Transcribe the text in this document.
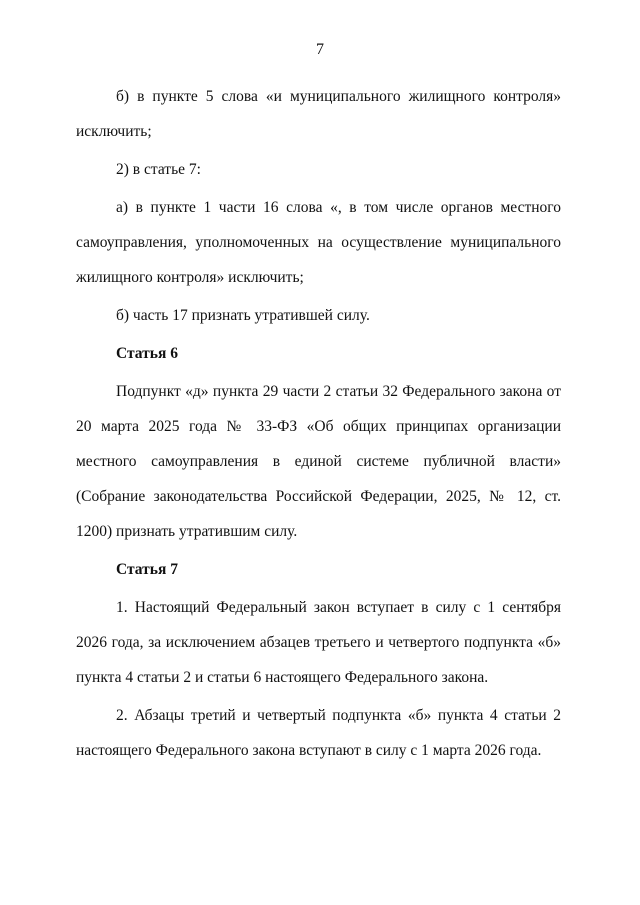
7

б) в пункте 5 слова «и муниципального жилищного контроля» исключить;

2) в статье 7:

а) в пункте 1 части 16 слова «, в том числе органов местного самоуправления, уполномоченных на осуществление муниципального жилищного контроля» исключить;

б) часть 17 признать утратившей силу.

Статья 6

Подпункт «д» пункта 29 части 2 статьи 32 Федерального закона от 20 марта 2025 года № 33-ФЗ «Об общих принципах организации местного самоуправления в единой системе публичной власти» (Собрание законодательства Российской Федерации, 2025, № 12, ст. 1200) признать утратившим силу.

Статья 7

1. Настоящий Федеральный закон вступает в силу с 1 сентября 2026 года, за исключением абзацев третьего и четвертого подпункта «б» пункта 4 статьи 2 и статьи 6 настоящего Федерального закона.

2. Абзацы третий и четвертый подпункта «б» пункта 4 статьи 2 настоящего Федерального закона вступают в силу с 1 марта 2026 года.
